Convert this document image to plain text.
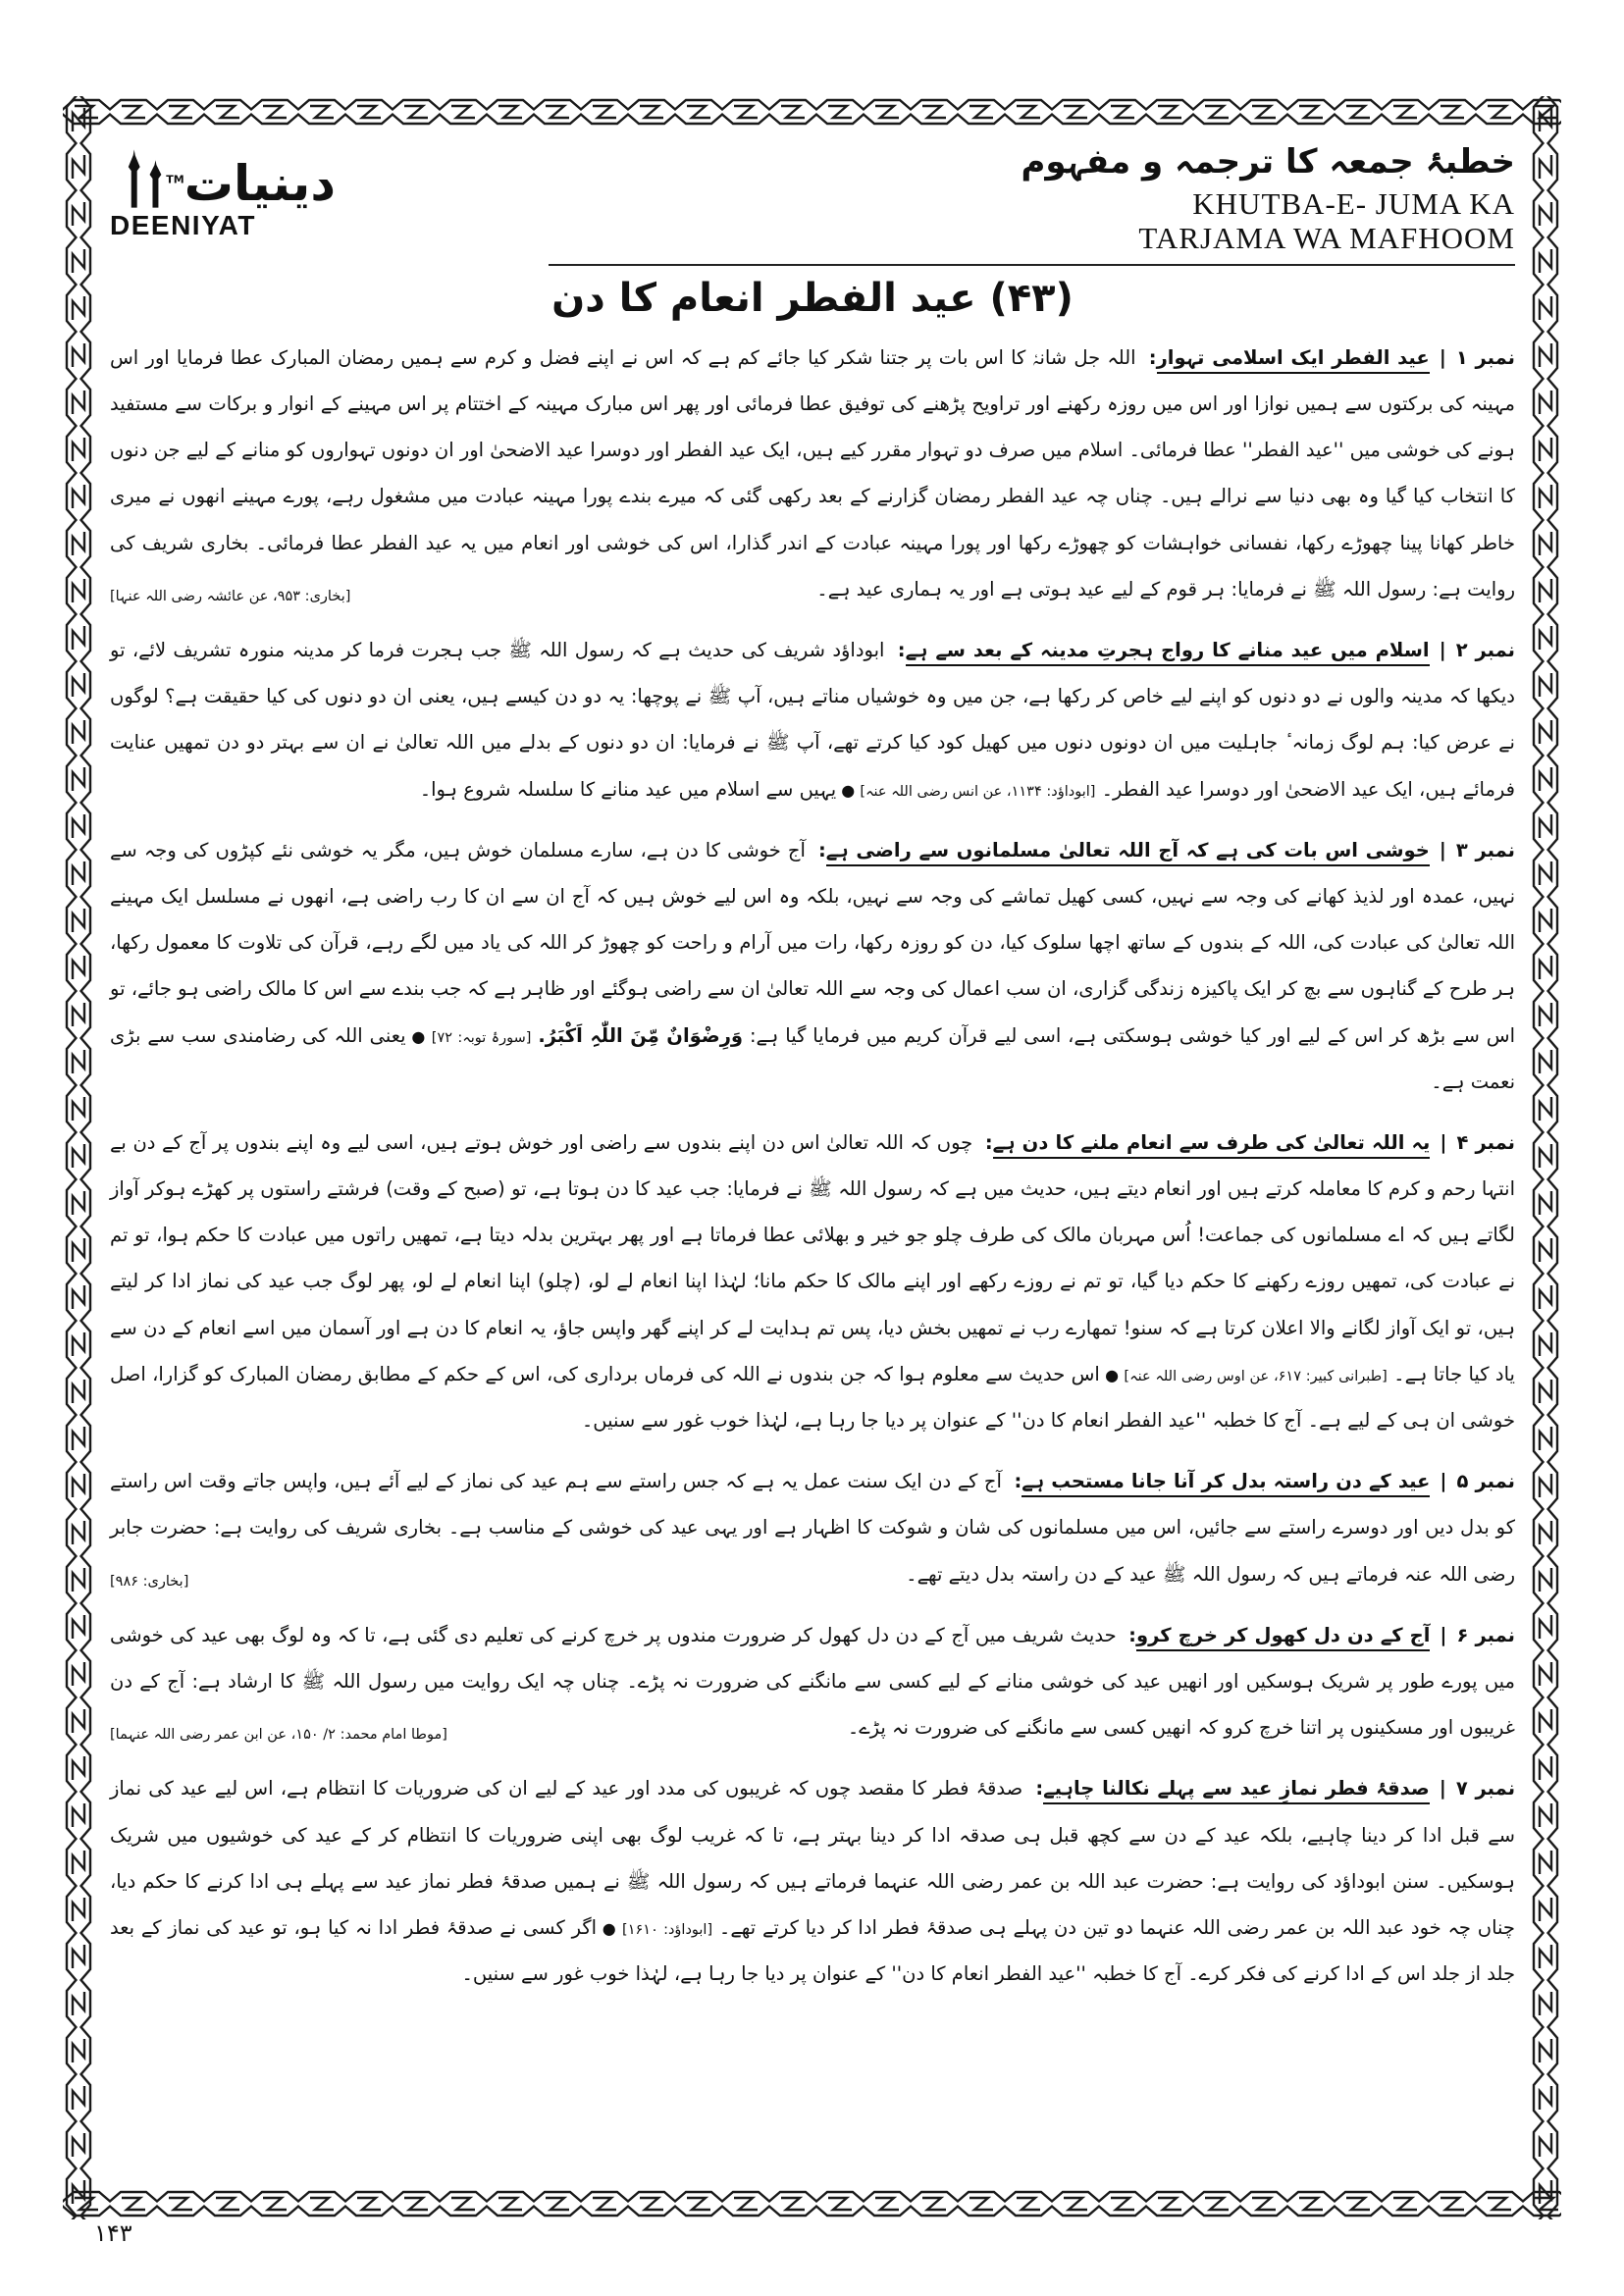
دینیات™
DEENIYAT
خطبۂ جمعہ کا ترجمہ و مفہوم
KHUTBA-E- JUMA KA
TARJAMA WA MAFHOOM
(۴۳) عید الفطر انعام کا دن

نمبر ۱|عید الفطر ایک اسلامی تہوار: اللہ جل شانہٗ کا اس بات پر جتنا شکر کیا جائے کم ہے کہ اس نے اپنے فضل و کرم سے ہمیں رمضان المبارک عطا فرمایا اور اس مہینہ کی برکتوں سے ہمیں نوازا اور اس میں روزہ رکھنے اور تراویح پڑھنے کی توفیق عطا فرمائی اور پھر اس مبارک مہینہ کے اختتام پر اس مہینے کے انوار و برکات سے مستفید ہونے کی خوشی میں ''عید الفطر'' عطا فرمائی۔ اسلام میں صرف دو تہوار مقرر کیے ہیں، ایک عید الفطر اور دوسرا عید الاضحیٰ اور ان دونوں تہواروں کو منانے کے لیے جن دنوں کا انتخاب کیا گیا وہ بھی دنیا سے نرالے ہیں۔ چناں چہ عید الفطر رمضان گزارنے کے بعد رکھی گئی کہ میرے بندے پورا مہینہ عبادت میں مشغول رہے، پورے مہینے انھوں نے میری خاطر کھانا پینا چھوڑے رکھا، نفسانی خواہشات کو چھوڑے رکھا اور پورا مہینہ عبادت کے اندر گذارا، اس کی خوشی اور انعام میں یہ عید الفطر عطا فرمائی۔ بخاری شریف کی روایت ہے: رسول اللہ ﷺ نے فرمایا: ہر قوم کے لیے عید ہوتی ہے اور یہ ہماری عید ہے۔
[بخاری: ۹۵۳، عن عائشہ رضی اللہ عنہا]

نمبر ۲|اسلام میں عید منانے کا رواج ہجرتِ مدینہ کے بعد سے ہے: ابوداؤد شریف کی حدیث ہے کہ رسول اللہ ﷺ جب ہجرت فرما کر مدینہ منورہ تشریف لائے، تو دیکھا کہ مدینہ والوں نے دو دنوں کو اپنے لیے خاص کر رکھا ہے، جن میں وہ خوشیاں مناتے ہیں، آپ ﷺ نے پوچھا: یہ دو دن کیسے ہیں، یعنی ان دو دنوں کی کیا حقیقت ہے؟ لوگوں نے عرض کیا: ہم لوگ زمانہ ٔ جاہلیت میں ان دونوں دنوں میں کھیل کود کیا کرتے تھے، آپ ﷺ نے فرمایا: ان دو دنوں کے بدلے میں اللہ تعالیٰ نے ان سے بہتر دو دن تمھیں عنایت فرمائے ہیں، ایک عید الاضحیٰ اور دوسرا عید الفطر۔ [ابوداؤد: ۱۱۳۴، عن انس رضی اللہ عنہ] ● یہیں سے اسلام میں عید منانے کا سلسلہ شروع ہوا۔

نمبر ۳|خوشی اس بات کی ہے کہ آج اللہ تعالیٰ مسلمانوں سے راضی ہے: آج خوشی کا دن ہے، سارے مسلمان خوش ہیں، مگر یہ خوشی نئے کپڑوں کی وجہ سے نہیں، عمدہ اور لذیذ کھانے کی وجہ سے نہیں، کسی کھیل تماشے کی وجہ سے نہیں، بلکہ وہ اس لیے خوش ہیں کہ آج ان سے ان کا رب راضی ہے، انھوں نے مسلسل ایک مہینے اللہ تعالیٰ کی عبادت کی، اللہ کے بندوں کے ساتھ اچھا سلوک کیا، دن کو روزہ رکھا، رات میں آرام و راحت کو چھوڑ کر اللہ کی یاد میں لگے رہے، قرآن کی تلاوت کا معمول رکھا، ہر طرح کے گناہوں سے بچ کر ایک پاکیزہ زندگی گزاری، ان سب اعمال کی وجہ سے اللہ تعالیٰ ان سے راضی ہوگئے اور ظاہر ہے کہ جب بندے سے اس کا مالک راضی ہو جائے، تو اس سے بڑھ کر اس کے لیے اور کیا خوشی ہوسکتی ہے، اسی لیے قرآن کریم میں فرمایا گیا ہے: وَرِضْوَانٌ مِّنَ اللّٰہِ اَکْبَرُ. [سورۂ توبہ: ۷۲] ● یعنی اللہ کی رضامندی سب سے بڑی نعمت ہے۔

نمبر ۴|یہ اللہ تعالیٰ کی طرف سے انعام ملنے کا دن ہے: چوں کہ اللہ تعالیٰ اس دن اپنے بندوں سے راضی اور خوش ہوتے ہیں، اسی لیے وہ اپنے بندوں پر آج کے دن بے انتہا رحم و کرم کا معاملہ کرتے ہیں اور انعام دیتے ہیں، حدیث میں ہے کہ رسول اللہ ﷺ نے فرمایا: جب عید کا دن ہوتا ہے، تو (صبح کے وقت) فرشتے راستوں پر کھڑے ہوکر آواز لگاتے ہیں کہ اے مسلمانوں کی جماعت! اُس مہربان مالک کی طرف چلو جو خیر و بھلائی عطا فرماتا ہے اور پھر بہترین بدلہ دیتا ہے، تمھیں راتوں میں عبادت کا حکم ہوا، تو تم نے عبادت کی، تمھیں روزے رکھنے کا حکم دیا گیا، تو تم نے روزے رکھے اور اپنے مالک کا حکم مانا؛ لہٰذا اپنا انعام لے لو، (چلو) اپنا انعام لے لو، پھر لوگ جب عید کی نماز ادا کر لیتے ہیں، تو ایک آواز لگانے والا اعلان کرتا ہے کہ سنو! تمھارے رب نے تمھیں بخش دیا، پس تم ہدایت لے کر اپنے گھر واپس جاؤ، یہ انعام کا دن ہے اور آسمان میں اسے انعام کے دن سے یاد کیا جاتا ہے۔ [طبرانی کبیر: ۶۱۷، عن اوس رضی اللہ عنہ] ● اس حدیث سے معلوم ہوا کہ جن بندوں نے اللہ کی فرماں برداری کی، اس کے حکم کے مطابق رمضان المبارک کو گزارا، اصل خوشی ان ہی کے لیے ہے۔ آج کا خطبہ ''عید الفطر انعام کا دن'' کے عنوان پر دیا جا رہا ہے، لہٰذا خوب غور سے سنیں۔

نمبر ۵|عید کے دن راستہ بدل کر آنا جانا مستحب ہے: آج کے دن ایک سنت عمل یہ ہے کہ جس راستے سے ہم عید کی نماز کے لیے آئے ہیں، واپس جاتے وقت اس راستے کو بدل دیں اور دوسرے راستے سے جائیں، اس میں مسلمانوں کی شان و شوکت کا اظہار ہے اور یہی عید کی خوشی کے مناسب ہے۔ بخاری شریف کی روایت ہے: حضرت جابر رضی اللہ عنہ فرماتے ہیں کہ رسول اللہ ﷺ عید کے دن راستہ بدل دیتے تھے۔
[بخاری: ۹۸۶]

نمبر ۶|آج کے دن دل کھول کر خرچ کرو: حدیث شریف میں آج کے دن دل کھول کر ضرورت مندوں پر خرچ کرنے کی تعلیم دی گئی ہے، تا کہ وہ لوگ بھی عید کی خوشی میں پورے طور پر شریک ہوسکیں اور انھیں عید کی خوشی منانے کے لیے کسی سے مانگنے کی ضرورت نہ پڑے۔ چناں چہ ایک روایت میں رسول اللہ ﷺ کا ارشاد ہے: آج کے دن غریبوں اور مسکینوں پر اتنا خرچ کرو کہ انھیں کسی سے مانگنے کی ضرورت نہ پڑے۔
[موطا امام محمد: ۲/ ۱۵۰، عن ابن عمر رضی اللہ عنہما]

نمبر ۷|صدقۂ فطر نمازِ عید سے پہلے نکالنا چاہیے: صدقۂ فطر کا مقصد چوں کہ غریبوں کی مدد اور عید کے لیے ان کی ضروریات کا انتظام ہے، اس لیے عید کی نماز سے قبل ادا کر دینا چاہیے، بلکہ عید کے دن سے کچھ قبل ہی صدقہ ادا کر دینا بہتر ہے، تا کہ غریب لوگ بھی اپنی ضروریات کا انتظام کر کے عید کی خوشیوں میں شریک ہوسکیں۔ سنن ابوداؤد کی روایت ہے: حضرت عبد اللہ بن عمر رضی اللہ عنہما فرماتے ہیں کہ رسول اللہ ﷺ نے ہمیں صدقۂ فطر نماز عید سے پہلے ہی ادا کرنے کا حکم دیا، چناں چہ خود عبد اللہ بن عمر رضی اللہ عنہما دو تین دن پہلے ہی صدقۂ فطر ادا کر دیا کرتے تھے۔ [ابوداؤد: ۱۶۱۰] ● اگر کسی نے صدقۂ فطر ادا نہ کیا ہو، تو عید کی نماز کے بعد جلد از جلد اس کے ادا کرنے کی فکر کرے۔ آج کا خطبہ ''عید الفطر انعام کا دن'' کے عنوان پر دیا جا رہا ہے، لہٰذا خوب غور سے سنیں۔

۱۴۳
